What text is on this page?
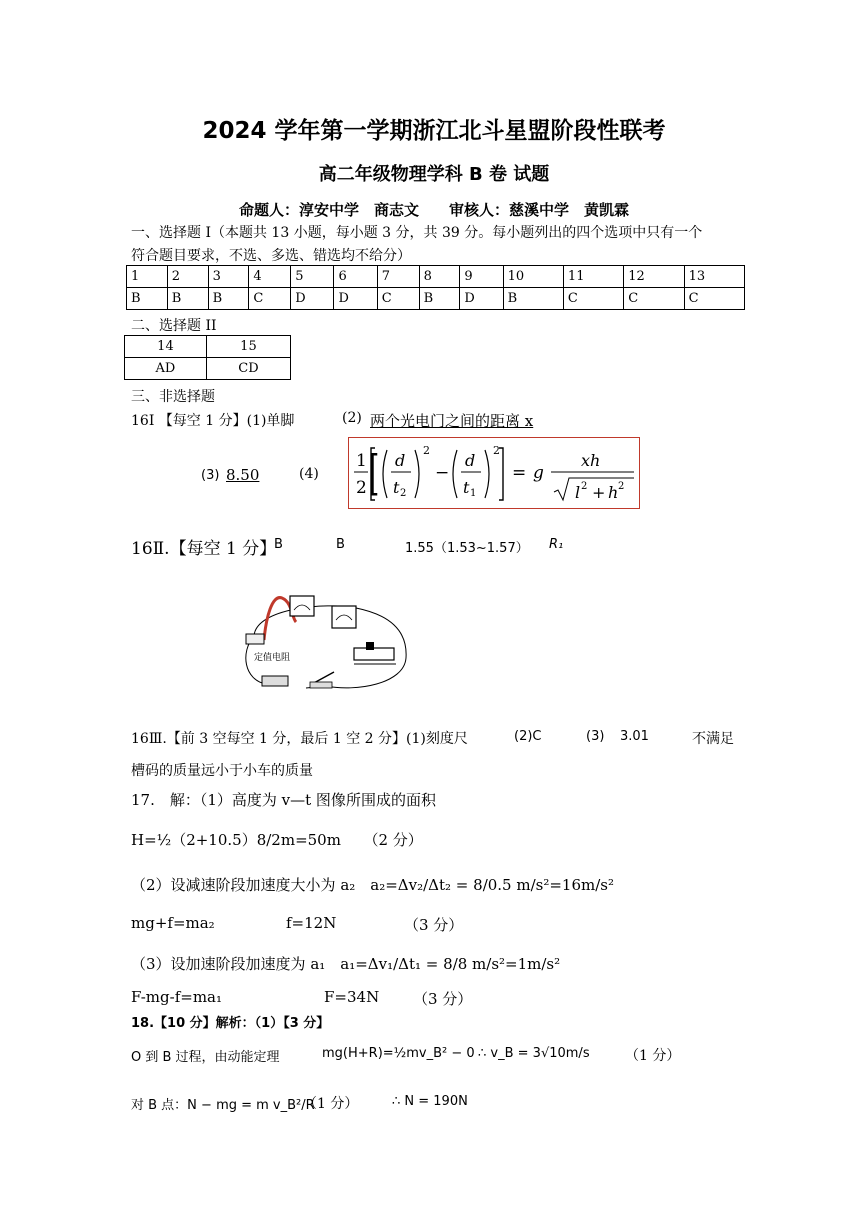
2024 学年第一学期浙江北斗星盟阶段性联考
高二年级物理学科 B 卷 试题
命题人：淳安中学　商志文　　审核人：慈溪中学　黄凯霖
一、选择题 I（本题共 13 小题，每小题 3 分，共 39 分。每小题列出的四个选项中只有一个
符合题目要求，不选、多选、错选均不给分）
1	2	3	4	5	6	7	8	9	10	11	12	13
B	B	B	C	D	D	C	B	D	B	C	C	C
二、选择题 II
14	15
AD	CD
三、非选择题
16Ⅰ 【每空 1 分】(1)单脚	(2) 两个光电门之间的距离 x
(3) 8.50	(4)
1
2 [ d
t 2
2
−
d
t 1
2
= g
xh
l 2 + h 2
16Ⅱ.【每空 1 分】
B	B	1.55（1.53~1.57） R₁
定值电阻
16Ⅲ.【前 3 空每空 1 分，最后 1 空 2 分】(1)刻度尺	(2)C	(3) 3.01	不满足
槽码的质量远小于小车的质量
17.　解：（1）高度为 v—t 图像所围成的面积
H=½（2+10.5）8/2m=50m　　（2 分）
（2）设减速阶段加速度大小为 a₂　a₂=Δv₂/Δt₂ = 8/0.5 m/s²=16m/s²
mg+f=ma₂	f=12N	（3 分）
（3）设加速阶段加速度为 a₁　a₁=Δv₁/Δt₁ = 8/8 m/s²=1m/s²
F-mg-f=ma₁	F=34N （3 分）
18.【10 分】解析：（1）【3 分】
O 到 B 过程，由动能定理	mg(H+R)=½mv_B² − 0 ∴ v_B = 3√10m/s	（1 分）
对 B 点：N − mg = m v_B²/R
（1 分）	∴ N = 190N
